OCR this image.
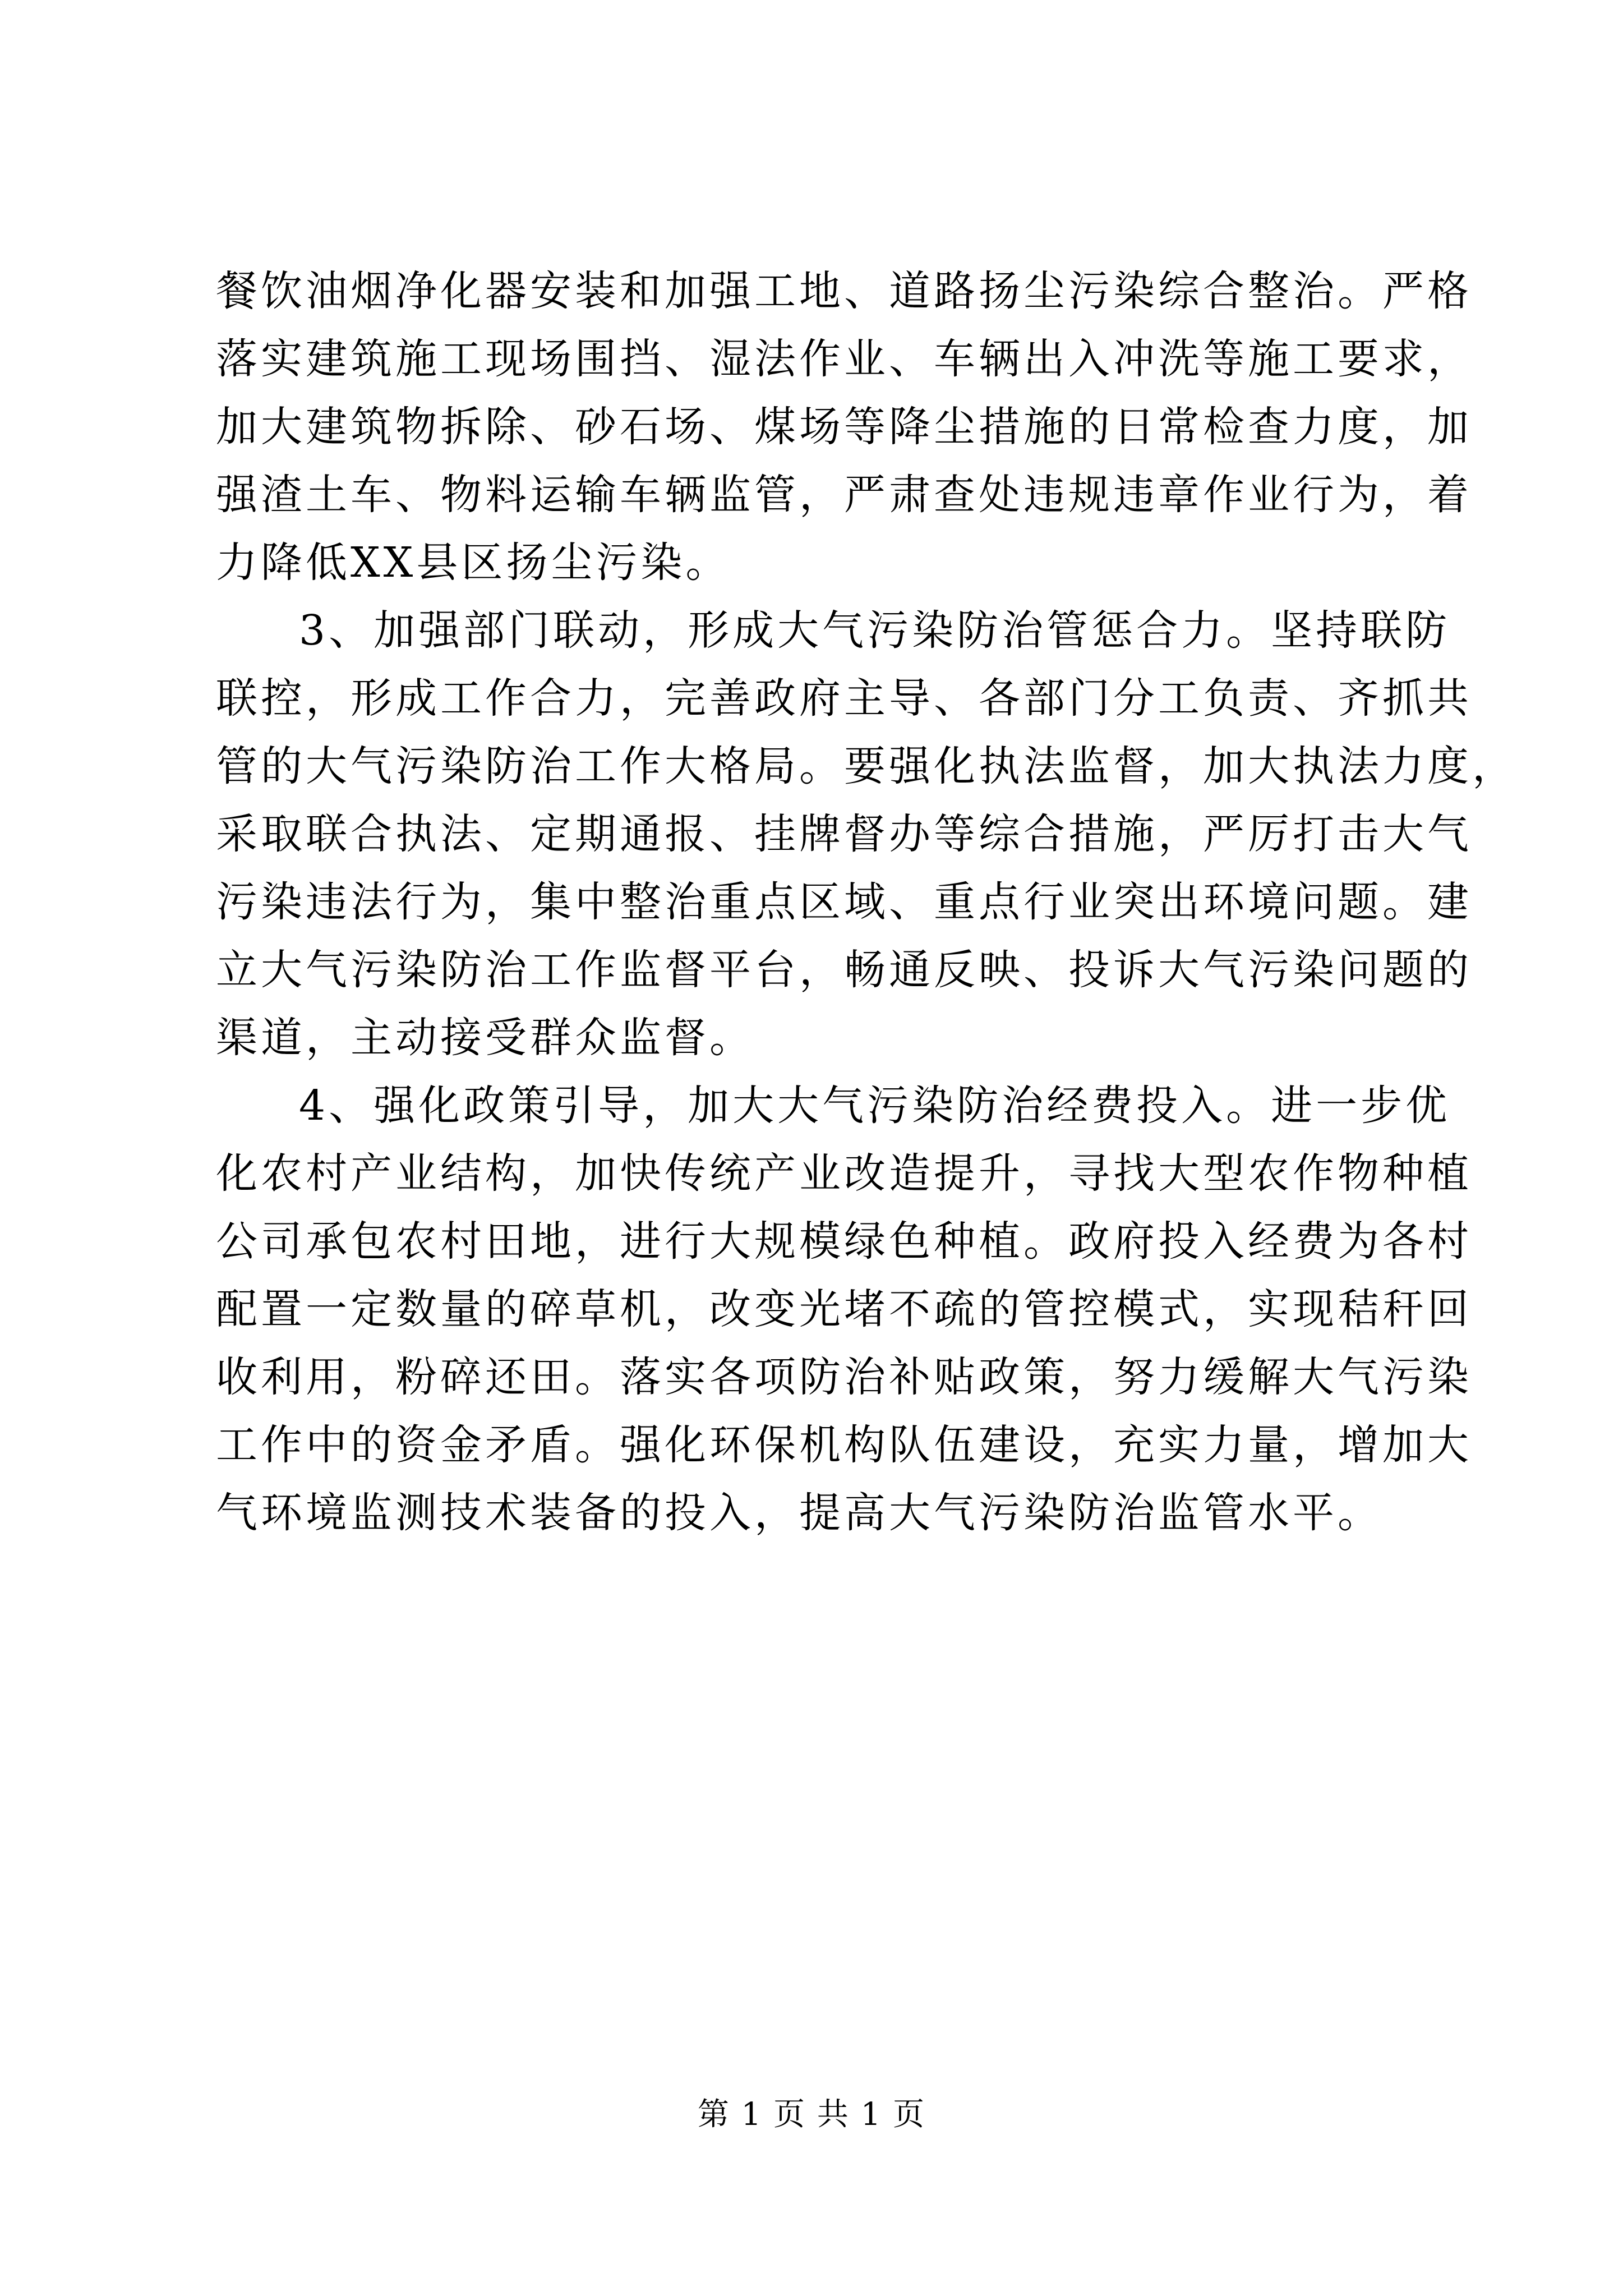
餐饮油烟净化器安装和加强工地、道路扬尘污染综合整治。严格
落实建筑施工现场围挡、湿法作业、车辆出入冲洗等施工要求，
加大建筑物拆除、砂石场、煤场等降尘措施的日常检查力度，加
强渣土车、物料运输车辆监管，严肃查处违规违章作业行为，着
力降低XX县区扬尘污染。
3、加强部门联动，形成大气污染防治管惩合力。坚持联防
联控，形成工作合力，完善政府主导、各部门分工负责、齐抓共
管的大气污染防治工作大格局。要强化执法监督，加大执法力度，
采取联合执法、定期通报、挂牌督办等综合措施，严厉打击大气
污染违法行为，集中整治重点区域、重点行业突出环境问题。建
立大气污染防治工作监督平台，畅通反映、投诉大气污染问题的
渠道，主动接受群众监督。
4、强化政策引导，加大大气污染防治经费投入。进一步优
化农村产业结构，加快传统产业改造提升，寻找大型农作物种植
公司承包农村田地，进行大规模绿色种植。政府投入经费为各村
配置一定数量的碎草机，改变光堵不疏的管控模式，实现秸秆回
收利用，粉碎还田。落实各项防治补贴政策，努力缓解大气污染
工作中的资金矛盾。强化环保机构队伍建设，充实力量，增加大
气环境监测技术装备的投入，提高大气污染防治监管水平。
第 1 页 共 1 页
